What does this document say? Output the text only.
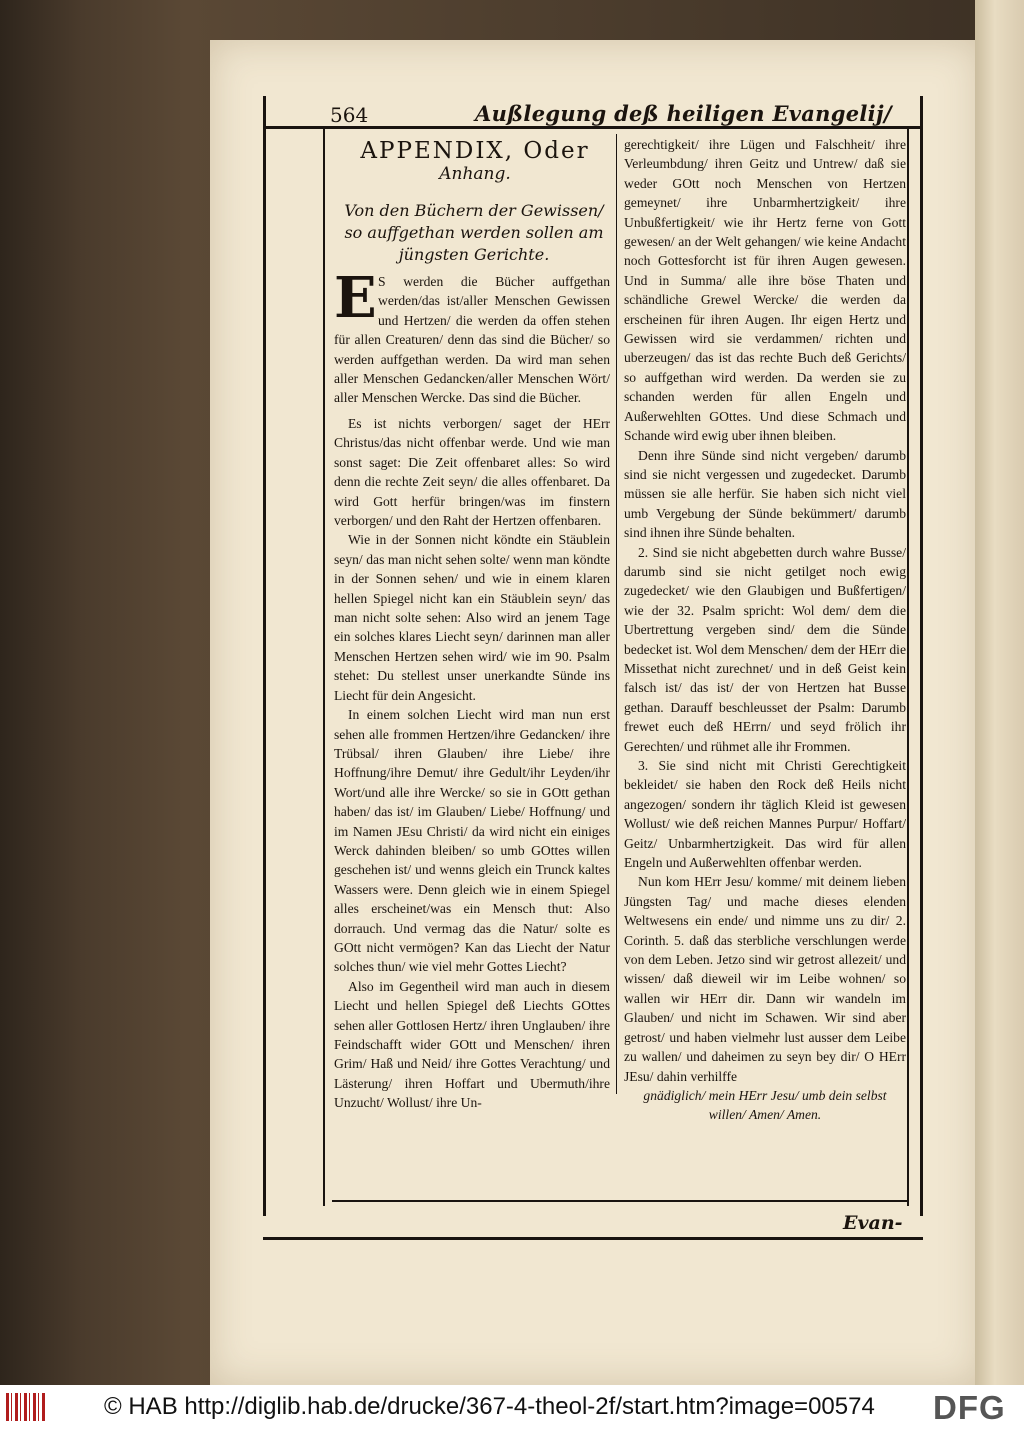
564	Außlegung deß heiligen Evangelij/
APPENDIX, Oder
Anhang.
Von den Büchern der Gewissen/ so auffgethan werden sollen am jüngsten Gerichte.
E S werden die Bücher auffgethan werden/das ist/aller Menschen Gewissen und Hertzen/ die werden da offen stehen für allen Creaturen/ denn das sind die Bücher/ so werden auffgethan werden. Da wird man sehen aller Menschen Gedancken/aller Menschen Wört/ aller Menschen Wercke. Das sind die Bücher.

Es ist nichts verborgen/ saget der HErr Christus/das nicht offenbar werde. Und wie man sonst saget: Die Zeit offenbaret alles: So wird denn die rechte Zeit seyn/ die alles offenbaret. Da wird Gott herfür bringen/was im finstern verborgen/ und den Raht der Hertzen offenbaren.

Wie in der Sonnen nicht köndte ein Stäublein seyn/ das man nicht sehen solte/ wenn man köndte in der Sonnen sehen/ und wie in einem klaren hellen Spiegel nicht kan ein Stäublein seyn/ das man nicht solte sehen: Also wird an jenem Tage ein solches klares Liecht seyn/ darinnen man aller Menschen Hertzen sehen wird/ wie im 90. Psalm stehet: Du stellest unser unerkandte Sünde ins Liecht für dein Angesicht.

In einem solchen Liecht wird man nun erst sehen alle frommen Hertzen/ihre Gedancken/ ihre Trübsal/ ihren Glauben/ ihre Liebe/ ihre Hoffnung/ihre Demut/ ihre Gedult/ihr Leyden/ihr Wort/und alle ihre Wercke/ so sie in GOtt gethan haben/ das ist/ im Glauben/ Liebe/ Hoffnung/ und im Namen JEsu Christi/ da wird nicht ein einiges Werck dahinden bleiben/ so umb GOttes willen geschehen ist/ und wenns gleich ein Trunck kaltes Wassers were. Denn gleich wie in einem Spiegel alles erscheinet/was ein Mensch thut: Also dorrauch. Und vermag das die Natur/ solte es GOtt nicht vermögen? Kan das Liecht der Natur solches thun/ wie viel mehr Gottes Liecht?

Also im Gegentheil wird man auch in diesem Liecht und hellen Spiegel deß Liechts GOttes sehen aller Gottlosen Hertz/ ihren Unglauben/ ihre Feindschafft wider GOtt und Menschen/ ihren Grim/ Haß und Neid/ ihre Gottes Verachtung/ und Lästerung/ ihren Hoffart und Ubermuth/ihre Unzucht/ Wollust/ ihre Un-

gerechtigkeit/ ihre Lügen und Falschheit/ ihre Verleumbdung/ ihren Geitz und Untrew/ daß sie weder GOtt noch Menschen von Hertzen gemeynet/ ihre Unbarmhertzigkeit/ ihre Unbußfertigkeit/ wie ihr Hertz ferne von Gott gewesen/ an der Welt gehangen/ wie keine Andacht noch Gottesforcht ist für ihren Augen gewesen. Und in Summa/ alle ihre böse Thaten und schändliche Grewel Wercke/ die werden da erscheinen für ihren Augen. Ihr eigen Hertz und Gewissen wird sie verdammen/ richten und uberzeugen/ das ist das rechte Buch deß Gerichts/ so auffgethan wird werden. Da werden sie zu schanden werden für allen Engeln und Außerwehlten GOttes. Und diese Schmach und Schande wird ewig uber ihnen bleiben.

Denn ihre Sünde sind nicht vergeben/ darumb sind sie nicht vergessen und zugedecket. Darumb müssen sie alle herfür. Sie haben sich nicht viel umb Vergebung der Sünde bekümmert/ darumb sind ihnen ihre Sünde behalten.

2. Sind sie nicht abgebetten durch wahre Busse/ darumb sind sie nicht getilget noch ewig zugedecket/ wie den Glaubigen und Bußfertigen/ wie der 32. Psalm spricht: Wol dem/ dem die Ubertrettung vergeben sind/ dem die Sünde bedecket ist. Wol dem Menschen/ dem der HErr die Missethat nicht zurechnet/ und in deß Geist kein falsch ist/ das ist/ der von Hertzen hat Busse gethan. Darauff beschleusset der Psalm: Darumb frewet euch deß HErrn/ und seyd frölich ihr Gerechten/ und rühmet alle ihr Frommen.

3. Sie sind nicht mit Christi Gerechtigkeit bekleidet/ sie haben den Rock deß Heils nicht angezogen/ sondern ihr täglich Kleid ist gewesen Wollust/ wie deß reichen Mannes Purpur/ Hoffart/ Geitz/ Unbarmhertzigkeit. Das wird für allen Engeln und Außerwehlten offenbar werden.

Nun kom HErr Jesu/ komme/ mit deinem lieben Jüngsten Tag/ und mache dieses elenden Weltwesens ein ende/ und nimme uns zu dir/ 2. Corinth. 5. daß das sterbliche verschlungen werde von dem Leben. Jetzo sind wir getrost allezeit/ und wissen/ daß dieweil wir im Leibe wohnen/ so wallen wir HErr dir. Dann wir wandeln im Glauben/ und nicht im Schawen. Wir sind aber getrost/ und haben vielmehr lust ausser dem Leibe zu wallen/ und daheimen zu seyn bey dir/ O HErr JEsu/ dahin verhilffe

gnädiglich/ mein HErr Jesu/ umb dein selbst willen/ Amen/ Amen.

Evan-
© HAB http://diglib.hab.de/drucke/367-4-theol-2f/start.htm?image=00574 DFG
